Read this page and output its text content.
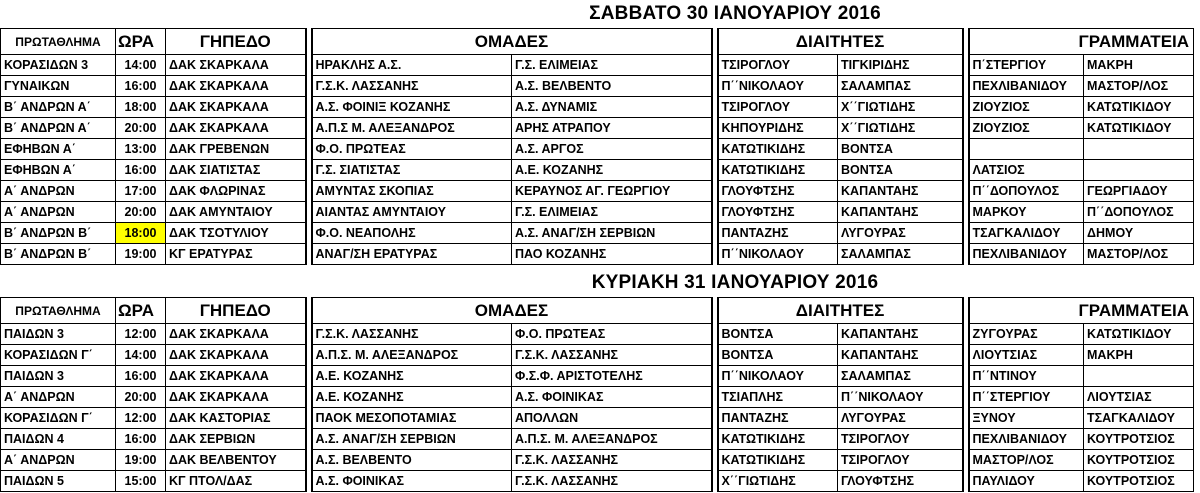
ΣΑΒΒΑΤΟ 30 ΙΑΝΟΥΑΡΙΟΥ 2016
ΠΡΩΤΑΘΛΗΜΑ	ΩΡΑ	ΓΗΠΕΔΟ		ΟΜΑΔΕΣ			ΔΙΑΙΤΗΤΕΣ			ΓΡΑΜΜΑΤΕΙΑ	
ΚΟΡΑΣΙΔΩΝ 3	14:00	ΔΑΚ ΣΚΑΡΚΑΛΑ		ΗΡΑΚΛΗΣ Α.Σ.	Γ.Σ. ΕΛΙΜΕΙΑΣ		ΤΣΙΡΟΓΛΟΥ	ΤΙΓΚΙΡΙΔΗΣ		Π΄ΣΤΕΡΓΙΟΥ	ΜΑΚΡΗ
ΓΥΝΑΙΚΩΝ	16:00	ΔΑΚ ΣΚΑΡΚΑΛΑ		Γ.Σ.Κ. ΛΑΣΣΑΝΗΣ	Α.Σ. ΒΕΛΒΕΝΤΟ		Π΄΄ΝΙΚΟΛΑΟΥ	ΣΑΛΑΜΠΑΣ		ΠΕΧΛΙΒΑΝΙΔΟΥ	ΜΑΣΤΟΡ/ΛΟΣ
Β΄ ΑΝΔΡΩΝ Α΄	18:00	ΔΑΚ ΣΚΑΡΚΑΛΑ		Α.Σ. ΦΟΙΝΙΞ ΚΟΖΑΝΗΣ	Α.Σ. ΔΥΝΑΜΙΣ		ΤΣΙΡΟΓΛΟΥ	Χ΄΄ΓΙΩΤΙΔΗΣ		ΖΙΟΥΖΙΟΣ	ΚΑΤΩΤΙΚΙΔΟΥ
Β΄ ΑΝΔΡΩΝ Α΄	20:00	ΔΑΚ ΣΚΑΡΚΑΛΑ		Α.Π.Σ Μ. ΑΛΕΞΑΝΔΡΟΣ	ΑΡΗΣ ΑΤΡΑΠΟΥ		ΚΗΠΟΥΡΙΔΗΣ	Χ΄΄ΓΙΩΤΙΔΗΣ		ΖΙΟΥΖΙΟΣ	ΚΑΤΩΤΙΚΙΔΟΥ
ΕΦΗΒΩΝ Α΄	13:00	ΔΑΚ ΓΡΕΒΕΝΩΝ		Φ.Ο. ΠΡΩΤΕΑΣ	Α.Σ. ΑΡΓΟΣ		ΚΑΤΩΤΙΚΙΔΗΣ	ΒΟΝΤΣΑ			
ΕΦΗΒΩΝ Α΄	16:00	ΔΑΚ ΣΙΑΤΙΣΤΑΣ		Γ.Σ. ΣΙΑΤΙΣΤΑΣ	Α.Ε. ΚΟΖΑΝΗΣ		ΚΑΤΩΤΙΚΙΔΗΣ	ΒΟΝΤΣΑ		ΛΑΤΣΙΟΣ	
Α΄ ΑΝΔΡΩΝ	17:00	ΔΑΚ ΦΛΩΡΙΝΑΣ		ΑΜΥΝΤΑΣ ΣΚΟΠΙΑΣ	ΚΕΡΑΥΝΟΣ ΑΓ. ΓΕΩΡΓΙΟΥ		ΓΛΟΥΦΤΣΗΣ	ΚΑΠΑΝΤΑΗΣ		Π΄΄ΔΟΠΟΥΛΟΣ	ΓΕΩΡΓΙΑΔΟΥ
Α΄ ΑΝΔΡΩΝ	20:00	ΔΑΚ ΑΜΥΝΤΑΙΟΥ		ΑΙΑΝΤΑΣ ΑΜΥΝΤΑΙΟΥ	Γ.Σ. ΕΛΙΜΕΙΑΣ		ΓΛΟΥΦΤΣΗΣ	ΚΑΠΑΝΤΑΗΣ		ΜΑΡΚΟΥ	Π΄΄ΔΟΠΟΥΛΟΣ
Β΄ ΑΝΔΡΩΝ Β΄	18:00	ΔΑΚ ΤΣΟΤΥΛΙΟΥ		Φ.Ο. ΝΕΑΠΟΛΗΣ	Α.Σ. ΑΝΑΓ/ΣΗ ΣΕΡΒΙΩΝ		ΠΑΝΤΑΖΗΣ	ΛΥΓΟΥΡΑΣ		ΤΣΑΓΚΑΛΙΔΟΥ	ΔΗΜΟΥ
Β΄ ΑΝΔΡΩΝ Β΄	19:00	ΚΓ ΕΡΑΤΥΡΑΣ		ΑΝΑΓ/ΣΗ ΕΡΑΤΥΡΑΣ	ΠΑΟ ΚΟΖΑΝΗΣ		Π΄΄ΝΙΚΟΛΑΟΥ	ΣΑΛΑΜΠΑΣ		ΠΕΧΛΙΒΑΝΙΔΟΥ	ΜΑΣΤΟΡ/ΛΟΣ
ΚΥΡΙΑΚΗ 31 ΙΑΝΟΥΑΡΙΟΥ 2016
ΠΡΩΤΑΘΛΗΜΑ	ΩΡΑ	ΓΗΠΕΔΟ		ΟΜΑΔΕΣ			ΔΙΑΙΤΗΤΕΣ			ΓΡΑΜΜΑΤΕΙΑ	
ΠΑΙΔΩΝ 3	12:00	ΔΑΚ ΣΚΑΡΚΑΛΑ		Γ.Σ.Κ. ΛΑΣΣΑΝΗΣ	Φ.Ο. ΠΡΩΤΕΑΣ		ΒΟΝΤΣΑ	ΚΑΠΑΝΤΑΗΣ		ΖΥΓΟΥΡΑΣ	ΚΑΤΩΤΙΚΙΔΟΥ
ΚΟΡΑΣΙΔΩΝ Γ΄	14:00	ΔΑΚ ΣΚΑΡΚΑΛΑ		Α.Π.Σ. Μ. ΑΛΕΞΑΝΔΡΟΣ	Γ.Σ.Κ. ΛΑΣΣΑΝΗΣ		ΒΟΝΤΣΑ	ΚΑΠΑΝΤΑΗΣ		ΛΙΟΥΤΣΙΑΣ	ΜΑΚΡΗ
ΠΑΙΔΩΝ 3	16:00	ΔΑΚ ΣΚΑΡΚΑΛΑ		Α.Ε. ΚΟΖΑΝΗΣ	Φ.Σ.Φ. ΑΡΙΣΤΟΤΕΛΗΣ		Π΄΄ΝΙΚΟΛΑΟΥ	ΣΑΛΑΜΠΑΣ		Π΄΄ΝΤΙΝΟΥ	
Α΄ ΑΝΔΡΩΝ	20:00	ΔΑΚ ΣΚΑΡΚΑΛΑ		Α.Ε. ΚΟΖΑΝΗΣ	Α.Σ. ΦΟΙΝΙΚΑΣ		ΤΣΙΑΠΛΗΣ	Π΄΄ΝΙΚΟΛΑΟΥ		Π΄΄ΣΤΕΡΓΙΟΥ	ΛΙΟΥΤΣΙΑΣ
ΚΟΡΑΣΙΔΩΝ Γ΄	12:00	ΔΑΚ ΚΑΣΤΟΡΙΑΣ		ΠΑΟΚ ΜΕΣΟΠΟΤΑΜΙΑΣ	ΑΠΟΛΛΩΝ		ΠΑΝΤΑΖΗΣ	ΛΥΓΟΥΡΑΣ		ΞΥΝΟΥ	ΤΣΑΓΚΑΛΙΔΟΥ
ΠΑΙΔΩΝ 4	16:00	ΔΑΚ ΣΕΡΒΙΩΝ		Α.Σ. ΑΝΑΓ/ΣΗ ΣΕΡΒΙΩΝ	Α.Π.Σ. Μ. ΑΛΕΞΑΝΔΡΟΣ		ΚΑΤΩΤΙΚΙΔΗΣ	ΤΣΙΡΟΓΛΟΥ		ΠΕΧΛΙΒΑΝΙΔΟΥ	ΚΟΥΤΡΟΤΣΙΟΣ
Α΄ ΑΝΔΡΩΝ	19:00	ΔΑΚ ΒΕΛΒΕΝΤΟΥ		Α.Σ. ΒΕΛΒΕΝΤΟ	Γ.Σ.Κ. ΛΑΣΣΑΝΗΣ		ΚΑΤΩΤΙΚΙΔΗΣ	ΤΣΙΡΟΓΛΟΥ		ΜΑΣΤΟΡ/ΛΟΣ	ΚΟΥΤΡΟΤΣΙΟΣ
ΠΑΙΔΩΝ 5	15:00	ΚΓ ΠΤΟΛ/ΔΑΣ		Α.Σ. ΦΟΙΝΙΚΑΣ	Γ.Σ.Κ. ΛΑΣΣΑΝΗΣ		Χ΄΄ΓΙΩΤΙΔΗΣ	ΓΛΟΥΦΤΣΗΣ		ΠΑΥΛΙΔΟΥ	ΚΟΥΤΡΟΤΣΙΟΣ
